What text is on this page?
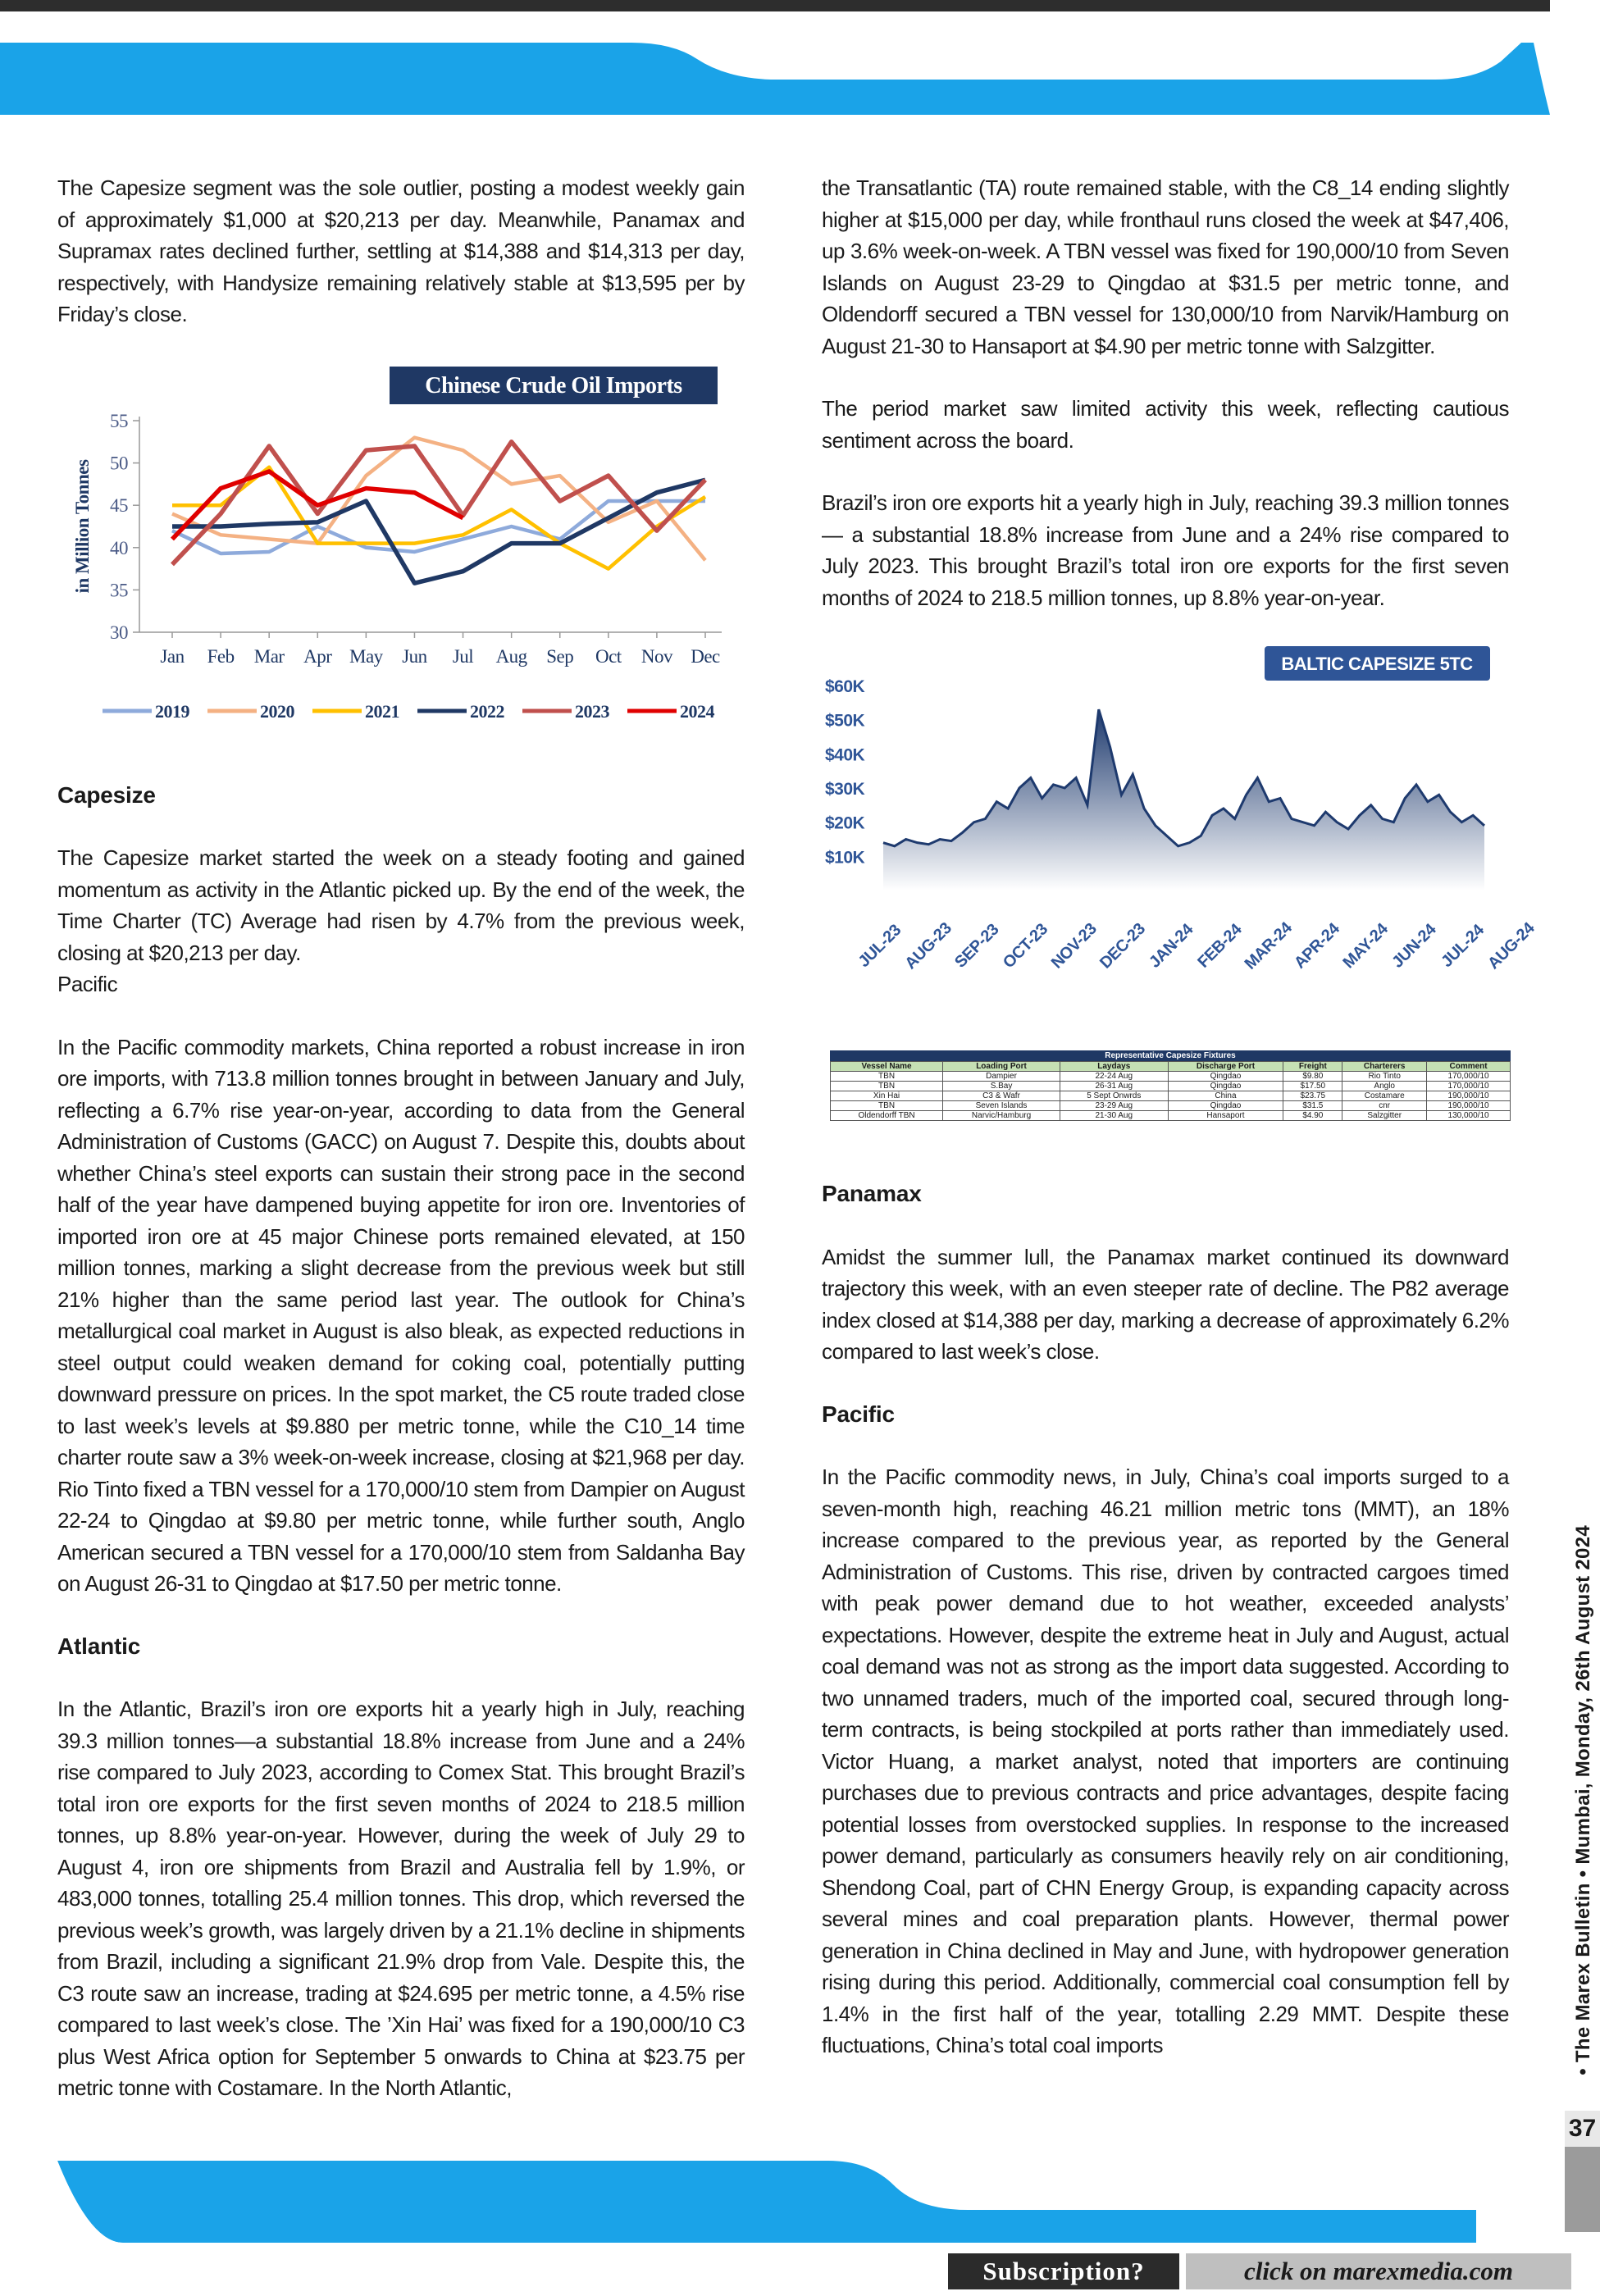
The Capesize segment was the sole outlier, posting a modest weekly gain of approximately $1,000 at $20,213 per day. Meanwhile, Panamax and Supramax rates declined further, settling at $14,388 and $14,313 per day, respectively, with Handysize remaining relatively stable at $13,595 per by Friday’s close.

Chinese Crude Oil Imports
30
35
40
45
50
55
in Million Tonnes
Jan Feb Mar Apr May Jun Jul Aug Sep Oct Nov Dec
2019	2020	2021	2022	2023	2024
Capesize

The Capesize market started the week on a steady footing and gained momentum as activity in the Atlantic picked up. By the end of the week, the Time Charter (TC) Average had risen by 4.7% from the previous week, closing at $20,213 per day.

Pacific

In the Pacific commodity markets, China reported a robust increase in iron ore imports, with 713.8 million tonnes brought in between January and July, reflecting a 6.7% rise year-on-year, according to data from the General Administration of Customs (GACC) on August 7. Despite this, doubts about whether China’s steel exports can sustain their strong pace in the second half of the year have dampened buying appetite for iron ore. Inventories of imported iron ore at 45 major Chinese ports remained elevated, at 150 million tonnes, marking a slight decrease from the previous week but still 21% higher than the same period last year. The outlook for China’s metallurgical coal market in August is also bleak, as expected reductions in steel output could weaken demand for coking coal, potentially putting downward pressure on prices. In the spot market, the C5 route traded close to last week’s levels at $9.880 per metric tonne, while the C10_14 time charter route saw a 3% week-on-week increase, closing at $21,968 per day. Rio Tinto fixed a TBN vessel for a 170,000/10 stem from Dampier on August 22-24 to Qingdao at $9.80 per metric tonne, while further south, Anglo American secured a TBN vessel for a 170,000/10 stem from Saldanha Bay on August 26-31 to Qingdao at $17.50 per metric tonne.

Atlantic

In the Atlantic, Brazil’s iron ore exports hit a yearly high in July, reaching 39.3 million tonnes—a substantial 18.8% increase from June and a 24% rise compared to July 2023, according to Comex Stat. This brought Brazil’s total iron ore exports for the first seven months of 2024 to 218.5 million tonnes, up 8.8% year-on-year. However, during the week of July 29 to August 4, iron ore shipments from Brazil and Australia fell by 1.9%, or 483,000 tonnes, totalling 25.4 million tonnes. This drop, which reversed the previous week’s growth, was largely driven by a 21.1% decline in shipments from Brazil, including a significant 21.9% drop from Vale. Despite this, the C3 route saw an increase, trading at $24.695 per metric tonne, a 4.5% rise compared to last week’s close. The ’Xin Hai’ was fixed for a 190,000/10 C3 plus West Africa option for September 5 onwards to China at $23.75 per metric tonne with Costamare. In the North Atlantic,

the Transatlantic (TA) route remained stable, with the C8_14 ending slightly higher at $15,000 per day, while fronthaul runs closed the week at $47,406, up 3.6% week-on-week. A TBN vessel was fixed for 190,000/10 from Seven Islands on August 23-29 to Qingdao at $31.5 per metric tonne, and Oldendorff secured a TBN vessel for 130,000/10 from Narvik/Hamburg on August 21-30 to Hansaport at $4.90 per metric tonne with Salzgitter.

The period market saw limited activity this week, reflecting cautious sentiment across the board.

Brazil’s iron ore exports hit a yearly high in July, reaching 39.3 million tonnes — a substantial 18.8% increase from June and a 24% rise compared to July 2023. This brought Brazil’s total iron ore exports for the first seven months of 2024 to 218.5 million tonnes, up 8.8% year-on-year.

BALTIC CAPESIZE 5TC
$10K
$20K
$30K
$40K
$50K
$60K
JUL-23
AUG-23
SEP-23
OCT-23
NOV-23
DEC-23
JAN-24
FEB-24
MAR-24
APR-24
MAY-24
JUN-24
JUL-24
AUG-24
Representative Capesize Fixtures
Vessel Name	Loading Port	Laydays	Discharge Port	Freight	Charterers	Comment
TBN	Dampier	22-24 Aug	Qingdao	$9.80	Rio Tinto	170,000/10
TBN	S.Bay	26-31 Aug	Qingdao	$17.50	Anglo	170,000/10
Xin Hai	C3 & Wafr	5 Sept Onwrds	China	$23.75	Costamare	190,000/10
TBN	Seven Islands	23-29 Aug	Qingdao	$31.5	cnr	190,000/10
Oldendorff TBN	Narvic/Hamburg	21-30 Aug	Hansaport	$4.90	Salzgitter	130,000/10
Panamax

Amidst the summer lull, the Panamax market continued its downward trajectory this week, with an even steeper rate of decline. The P82 average index closed at $14,388 per day, marking a decrease of approximately 6.2% compared to last week’s close.

Pacific

In the Pacific commodity news, in July, China’s coal imports surged to a seven-month high, reaching 46.21 million metric tons (MMT), an 18% increase compared to the previous year, as reported by the General Administration of Customs. This rise, driven by contracted cargoes timed with peak power demand due to hot weather, exceeded analysts’ expectations. However, despite the extreme heat in July and August, actual coal demand was not as strong as the import data suggested. According to two unnamed traders, much of the imported coal, secured through long-term contracts, is being stockpiled at ports rather than immediately used. Victor Huang, a market analyst, noted that importers are continuing purchases due to previous contracts and price advantages, despite facing potential losses from overstocked supplies. In response to the increased power demand, particularly as consumers heavily rely on air conditioning, Shendong Coal, part of CHN Energy Group, is expanding capacity across several mines and coal preparation plants. However, thermal power generation in China declined in May and June, with hydropower generation rising during this period. Additionally, commercial coal consumption fell by 1.4% in the first half of the year, totalling 2.29 MMT. Despite these fluctuations, China’s total coal imports

37
• The Marex Bulletin • Mumbai, Monday, 26th August 2024
Subscription?	click on marexmedia.com
